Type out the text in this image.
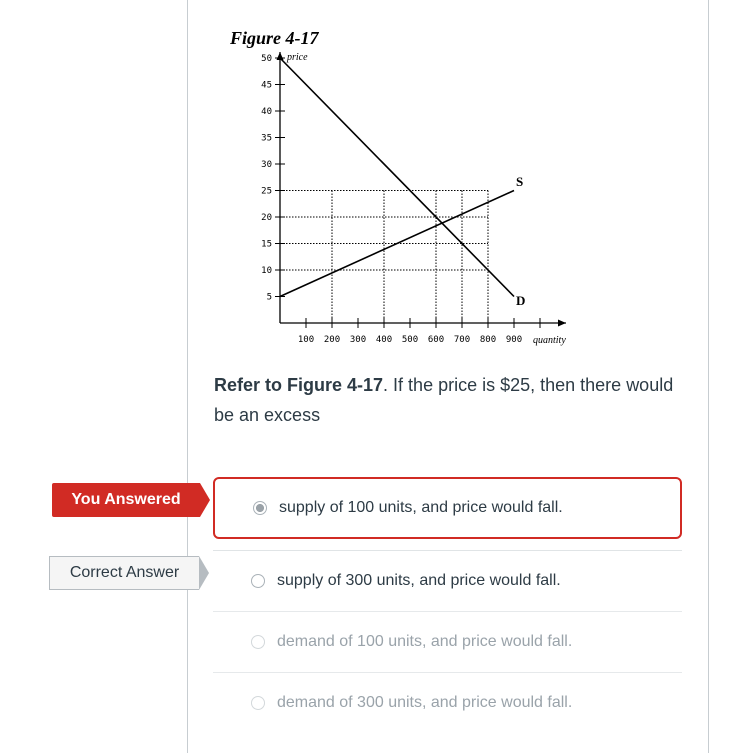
Figure 4-17
price
quantity
S
D
50
45
40
35
30
25
20
15
10
5
100 200 300 400 500 600 700 800 900
Refer to Figure 4-17. If the price is $25, then there would be an excess
You Answered
Correct Answer
supply of 100 units, and price would fall.
supply of 300 units, and price would fall.
demand of 100 units, and price would fall.
demand of 300 units, and price would fall.
